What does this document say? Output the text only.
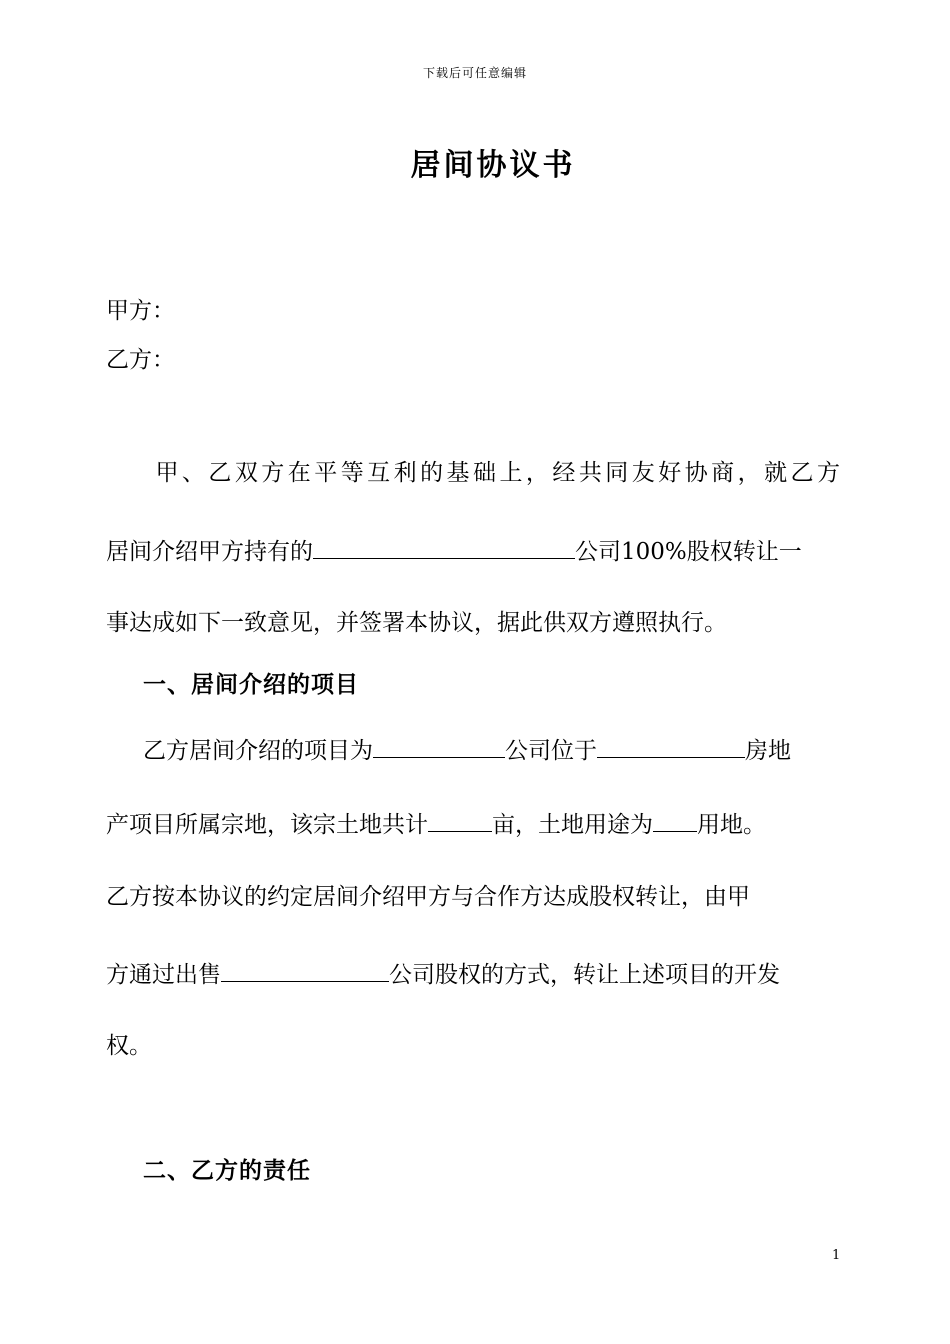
下载后可任意编辑
居间协议书
甲方：
乙方：
甲、乙双方在平等互利的基础上，经共同友好协商，就乙方
居间介绍甲方持有的	公司100%股权转让一
事达成如下一致意见，并签署本协议，据此供双方遵照执行。
一、居间介绍的项目
乙方居间介绍的项目为	公司位于	房地
产项目所属宗地，该宗土地共计	亩，土地用途为 用地。
乙方按本协议的约定居间介绍甲方与合作方达成股权转让，由甲
方通过出售	公司股权的方式，转让上述项目的开发
权。
二、乙方的责任
1
